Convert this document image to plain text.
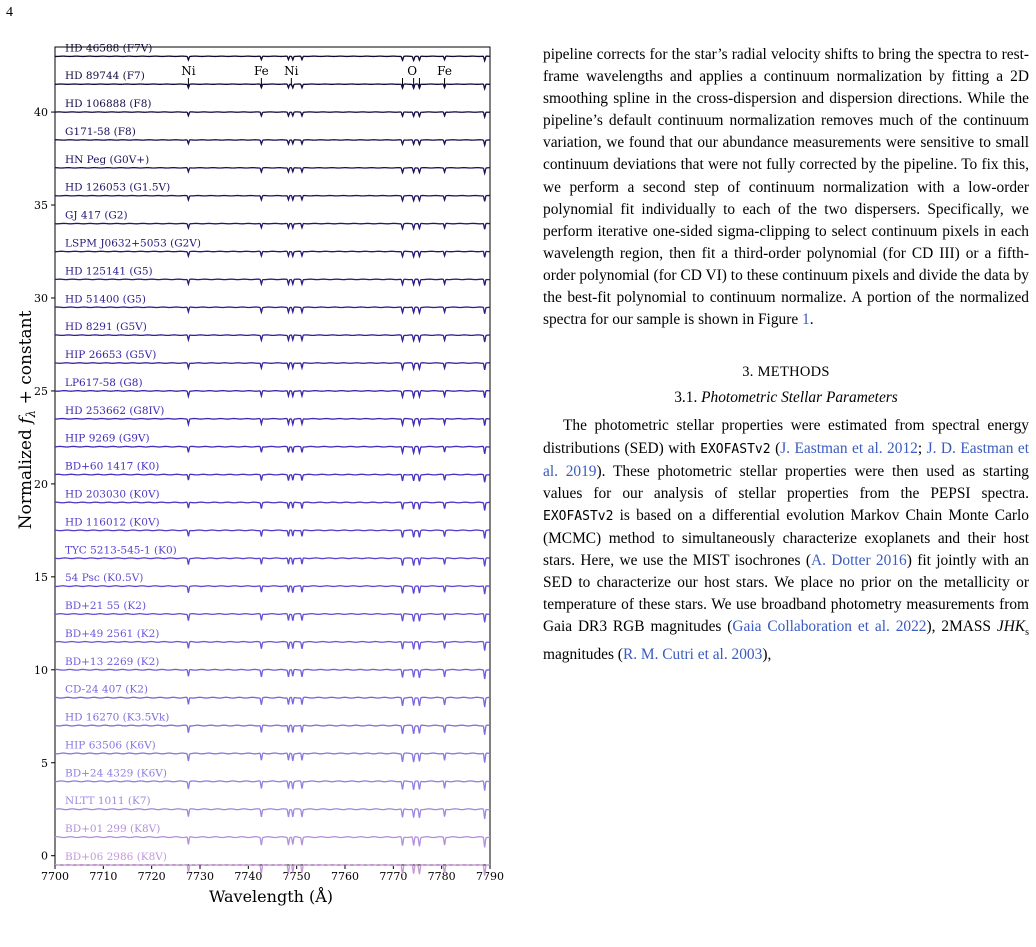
4
Normalized $f_\lambda$ + constant
Wavelength (Å)
7700 7710 7720 7730 7740 7750 7760 7770 7780 7790
0
5
10
15
20
25
30
35
40
Ni	Fe Ni	O Fe
HD 46588 (F7V)
HD 89744 (F7)
HD 106888 (F8)
G171-58 (F8)
HN Peg (G0V+)
HD 126053 (G1.5V)
GJ 417 (G2)
LSPM J0632+5053 (G2V)
HD 125141 (G5)
HD 51400 (G5)
HD 8291 (G5V)
HIP 26653 (G5V)
LP617-58 (G8)
HD 253662 (G8IV)
HIP 9269 (G9V)
BD+60 1417 (K0)
HD 203030 (K0V)
HD 116012 (K0V)
TYC 5213-545-1 (K0)
54 Psc (K0.5V)
BD+21 55 (K2)
BD+49 2561 (K2)
BD+13 2269 (K2)
CD-24 407 (K2)
HD 16270 (K3.5Vk)
HIP 63506 (K6V)
BD+24 4329 (K6V)
NLTT 1011 (K7)
BD+01 299 (K8V)
BD+06 2986 (K8V)

pipeline corrects for the star’s radial velocity shifts to bring the spectra to rest-frame wavelengths and applies a continuum normalization by fitting a 2D smoothing spline in the cross-dispersion and dispersion directions. While the pipeline’s default continuum normalization removes much of the continuum variation, we found that our abundance measurements were sensitive to small continuum deviations that were not fully corrected by the pipeline. To fix this, we perform a second step of continuum normalization with a low-order polynomial fit individually to each of the two dispersers. Specifically, we perform iterative one-sided sigma-clipping to select continuum pixels in each wavelength region, then fit a third-order polynomial (for CD III) or a fifth-order polynomial (for CD VI) to these continuum pixels and divide the data by the best-fit polynomial to continuum normalize. A portion of the normalized spectra for our sample is shown in Figure 1.

3. METHODS
3.1. Photometric Stellar Parameters

The photometric stellar properties were estimated from spectral energy distributions (SED) with EXOFASTv2 (J. Eastman et al. 2012; J. D. Eastman et al. 2019). These photometric stellar properties were then used as starting values for our analysis of stellar properties from the PEPSI spectra. EXOFASTv2 is based on a differential evolution Markov Chain Monte Carlo (MCMC) method to simultaneously characterize exoplanets and their host stars. Here, we use the MIST isochrones (A. Dotter 2016) fit jointly with an SED to characterize our host stars. We place no prior on the metallicity or temperature of these stars. We use broadband photometry measurements from Gaia DR3 RGB magnitudes (Gaia Collaboration et al. 2022), 2MASS $JHK_s$ magnitudes (R. M. Cutri et al. 2003),
